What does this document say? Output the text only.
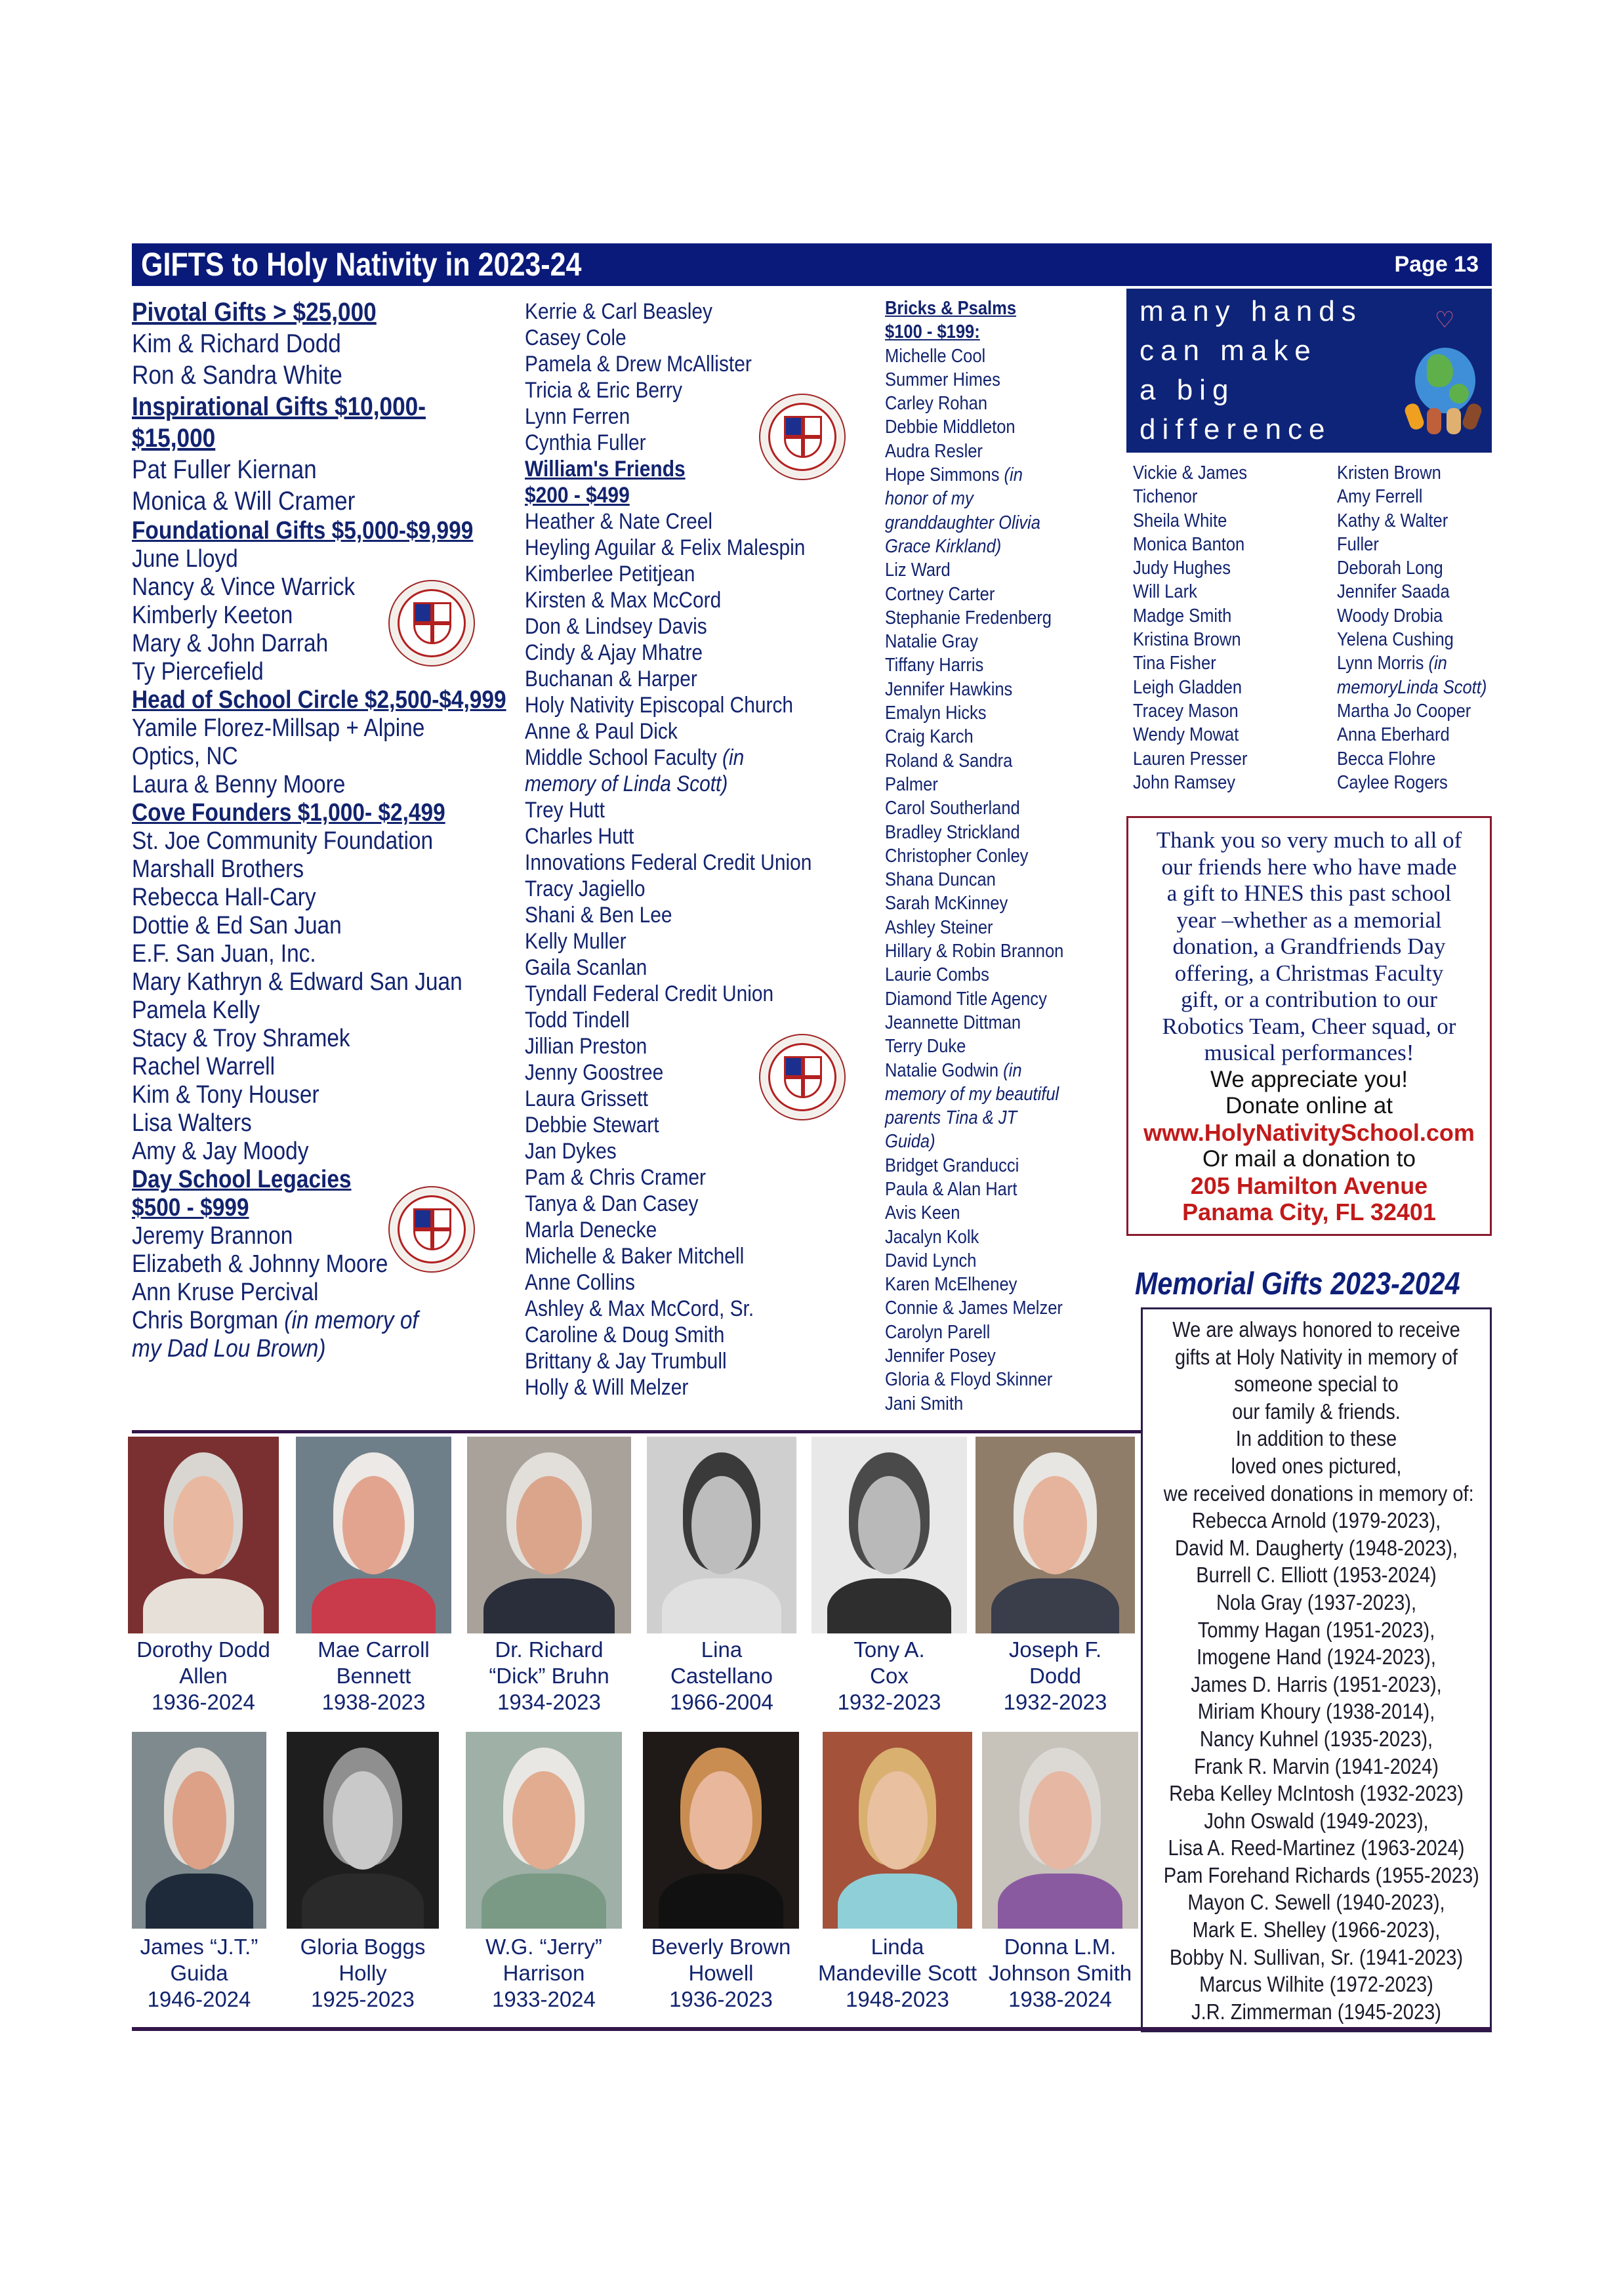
GIFTS to Holy Nativity in 2023-24	Page 13
Pivotal Gifts > $25,000
Kim & Richard Dodd
Ron & Sandra White
Inspirational Gifts $10,000-
$15,000
Pat Fuller Kiernan
Monica & Will Cramer
Foundational Gifts $5,000-$9,999
June Lloyd
Nancy & Vince Warrick
Kimberly Keeton
Mary & John Darrah
Ty Piercefield
Head of School Circle $2,500-$4,999
Yamile Florez-Millsap + Alpine
Optics, NC
Laura & Benny Moore
Cove Founders $1,000- $2,499
St. Joe Community Foundation
Marshall Brothers
Rebecca Hall-Cary
Dottie & Ed San Juan
E.F. San Juan, Inc.
Mary Kathryn & Edward San Juan
Pamela Kelly
Stacy & Troy Shramek
Rachel Warrell
Kim & Tony Houser
Lisa Walters
Amy & Jay Moody
Day School Legacies
$500 - $999
Jeremy Brannon
Elizabeth & Johnny Moore
Ann Kruse Percival
Chris Borgman (in memory of
my Dad Lou Brown)
Kerrie & Carl Beasley
Casey Cole
Pamela & Drew McAllister
Tricia & Eric Berry
Lynn Ferren
Cynthia Fuller
William's Friends
$200 - $499
Heather & Nate Creel
Heyling Aguilar & Felix Malespin
Kimberlee Petitjean
Kirsten & Max McCord
Don & Lindsey Davis
Cindy & Ajay Mhatre
Buchanan & Harper
Holy Nativity Episcopal Church
Anne & Paul Dick
Middle School Faculty (in
memory of Linda Scott)
Trey Hutt
Charles Hutt
Innovations Federal Credit Union
Tracy Jagiello
Shani & Ben Lee
Kelly Muller
Gaila Scanlan
Tyndall Federal Credit Union
Todd Tindell
Jillian Preston
Jenny Goostree
Laura Grissett
Debbie Stewart
Jan Dykes
Pam & Chris Cramer
Tanya & Dan Casey
Marla Denecke
Michelle & Baker Mitchell
Anne Collins
Ashley & Max McCord, Sr.
Caroline & Doug Smith
Brittany & Jay Trumbull
Holly & Will Melzer
Bricks & Psalms
$100 - $199:
Michelle Cool
Summer Himes
Carley Rohan
Debbie Middleton
Audra Resler
Hope Simmons (in
honor of my
granddaughter Olivia
Grace Kirkland)
Liz Ward
Cortney Carter
Stephanie Fredenberg
Natalie Gray
Tiffany Harris
Jennifer Hawkins
Emalyn Hicks
Craig Karch
Roland & Sandra
Palmer
Carol Southerland
Bradley Strickland
Christopher Conley
Shana Duncan
Sarah McKinney
Ashley Steiner
Hillary & Robin Brannon
Laurie Combs
Diamond Title Agency
Jeannette Dittman
Terry Duke
Natalie Godwin (in
memory of my beautiful
parents Tina & JT
Guida)
Bridget Granducci
Paula & Alan Hart
Avis Keen
Jacalyn Kolk
David Lynch
Karen McElheney
Connie & James Melzer
Carolyn Parell
Jennifer Posey
Gloria & Floyd Skinner
Jani Smith
many hands
can make
a big
difference
♡
Vickie & James
Tichenor
Sheila White
Monica Banton
Judy Hughes
Will Lark
Madge Smith
Kristina Brown
Tina Fisher
Leigh Gladden
Tracey Mason
Wendy Mowat
Lauren Presser
John Ramsey
Kristen Brown
Amy Ferrell
Kathy & Walter
Fuller
Deborah Long
Jennifer Saada
Woody Drobia
Yelena Cushing
Lynn Morris (in
memoryLinda Scott)
Martha Jo Cooper
Anna Eberhard
Becca Flohre
Caylee Rogers
Thank you so very much to all of
our friends here who have made
a gift to HNES this past school
year –whether as a memorial
donation, a Grandfriends Day
offering, a Christmas Faculty
gift, or a contribution to our
Robotics Team, Cheer squad, or
musical performances!
We appreciate you!
Donate online at
www.HolyNativitySchool.com
Or mail a donation to
205 Hamilton Avenue
Panama City, FL 32401
Memorial Gifts 2023-2024
We are always honored to receive
gifts at Holy Nativity in memory of
someone special to
our family & friends.
In addition to these
loved ones pictured,
we received donations in memory of:
Rebecca Arnold (1979-2023),
David M. Daugherty (1948-2023),
Burrell C. Elliott (1953-2024)
Nola Gray (1937-2023),
Tommy Hagan (1951-2023),
Imogene Hand (1924-2023),
James D. Harris (1951-2023),
Miriam Khoury (1938-2014),
Nancy Kuhnel (1935-2023),
Frank R. Marvin (1941-2024)
Reba Kelley McIntosh (1932-2023)
John Oswald (1949-2023),
Lisa A. Reed-Martinez (1963-2024)
Pam Forehand Richards (1955-2023)
Mayon C. Sewell (1940-2023),
Mark E. Shelley (1966-2023),
Bobby N. Sullivan, Sr. (1941-2023)
Marcus Wilhite (1972-2023)
J.R. Zimmerman (1945-2023)
Dorothy Dodd
Allen
1936-2024
Mae Carroll
Bennett
1938-2023
Dr. Richard
“Dick” Bruhn
1934-2023
Lina
Castellano
1966-2004
Tony A.
Cox
1932-2023
Joseph F.
Dodd
1932-2023
James “J.T.”
Guida
1946-2024
Gloria Boggs
Holly
1925-2023
W.G. “Jerry”
Harrison
1933-2024
Beverly Brown
Howell
1936-2023
Linda
Mandeville Scott
1948-2023
Donna L.M.
Johnson Smith
1938-2024
